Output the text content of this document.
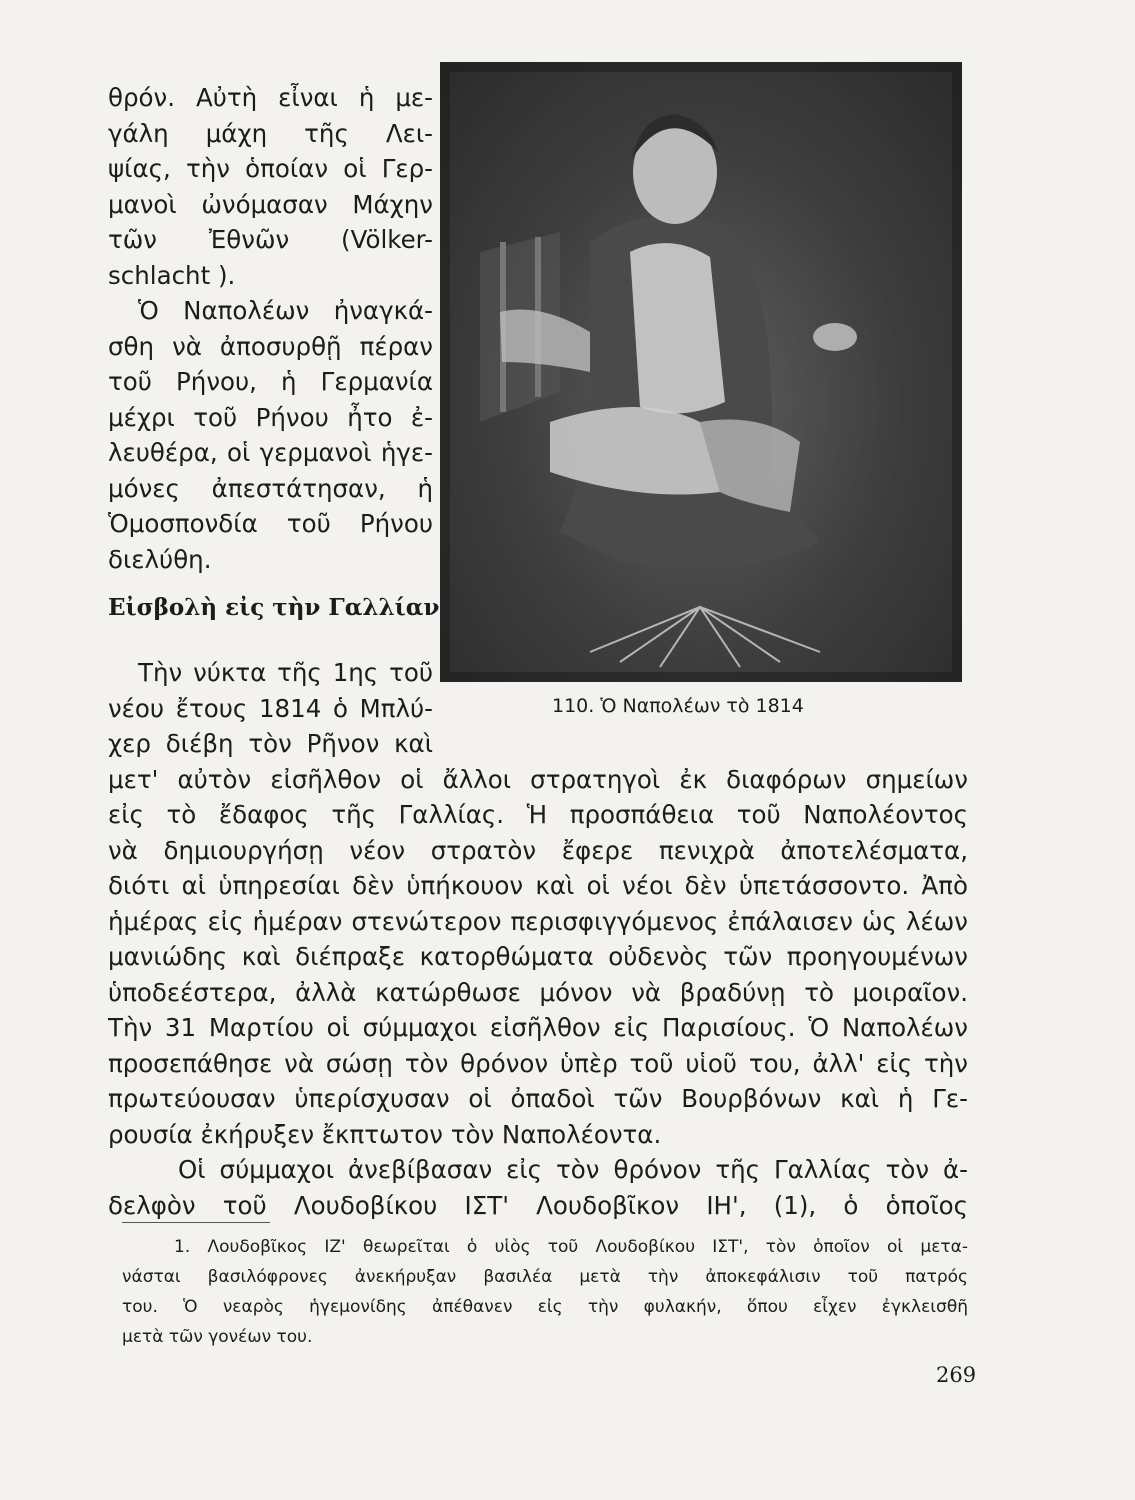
θρόν. Αὐτὴ εἶναι ἡ με-
γάλη μάχη τῆς Λει-
ψίας, τὴν ὁποίαν οἱ Γερ-
μανοὶ ὠνόμασαν Μάχην
τῶν Ἐθνῶν (Völker-
schlacht ).
Ὁ Ναπολέων ἠναγκά-
σθη νὰ ἀποσυρθῇ πέραν
τοῦ Ρήνου, ἡ Γερμανία
μέχρι τοῦ Ρήνου ἦτο ἐ-
λευθέρα, οἱ γερμανοὶ ἡγε-
μόνες ἀπεστάτησαν, ἡ
Ὁμοσπονδία τοῦ Ρήνου
διελύθη.
Εἰσβολὴ εἰς τὴν Γαλλίαν
Τὴν νύκτα τῆς 1ης τοῦ
νέου ἔτους 1814 ὁ Μπλύ-
χερ διέβη τὸν Ρῆνον καὶ
110. Ὁ Ναπολέων τὸ 1814
μετ' αὐτὸν εἰσῆλθον οἱ ἄλλοι στρατηγοὶ ἐκ διαφόρων σημείων
εἰς τὸ ἔδαφος τῆς Γαλλίας. Ἡ προσπάθεια τοῦ Ναπολέοντος
νὰ δημιουργήσῃ νέον στρατὸν ἔφερε πενιχρὰ ἀποτελέσματα,
διότι αἱ ὑπηρεσίαι δὲν ὑπήκουον καὶ οἱ νέοι δὲν ὑπετάσσοντο. Ἀπὸ
ἡμέρας εἰς ἡμέραν στενώτερον περισφιγγόμενος ἐπάλαισεν ὡς λέων
μανιώδης καὶ διέπραξε κατορθώματα οὐδενὸς τῶν προηγουμένων
ὑποδεέστερα, ἀλλὰ κατώρθωσε μόνον νὰ βραδύνῃ τὸ μοιραῖον.
Τὴν 31 Μαρτίου οἱ σύμμαχοι εἰσῆλθον εἰς Παρισίους. Ὁ Ναπολέων
προσεπάθησε νὰ σώσῃ τὸν θρόνον ὑπὲρ τοῦ υἱοῦ του, ἀλλ' εἰς τὴν
πρωτεύουσαν ὑπερίσχυσαν οἱ ὀπαδοὶ τῶν Βουρβόνων καὶ ἡ Γε-
ρουσία ἐκήρυξεν ἔκπτωτον τὸν Ναπολέοντα.
Οἱ σύμμαχοι ἀνεβίβασαν εἰς τὸν θρόνον τῆς Γαλλίας τὸν ἀ-
δελφὸν τοῦ Λουδοβίκου ΙΣΤ' Λουδοβῖκον ΙΗ', (1), ὁ ὁποῖος
1. Λουδοβῖκος ΙΖ' θεωρεῖται ὁ υἱὸς τοῦ Λουδοβίκου ΙΣΤ', τὸν ὁποῖον οἱ μετα-
νάσται βασιλόφρονες ἀνεκήρυξαν βασιλέα μετὰ τὴν ἀποκεφάλισιν τοῦ πατρός
του. Ὁ νεαρὸς ἡγεμονίδης ἀπέθανεν εἰς τὴν φυλακήν, ὅπου εἶχεν ἐγκλεισθῆ
μετὰ τῶν γονέων του.
269
